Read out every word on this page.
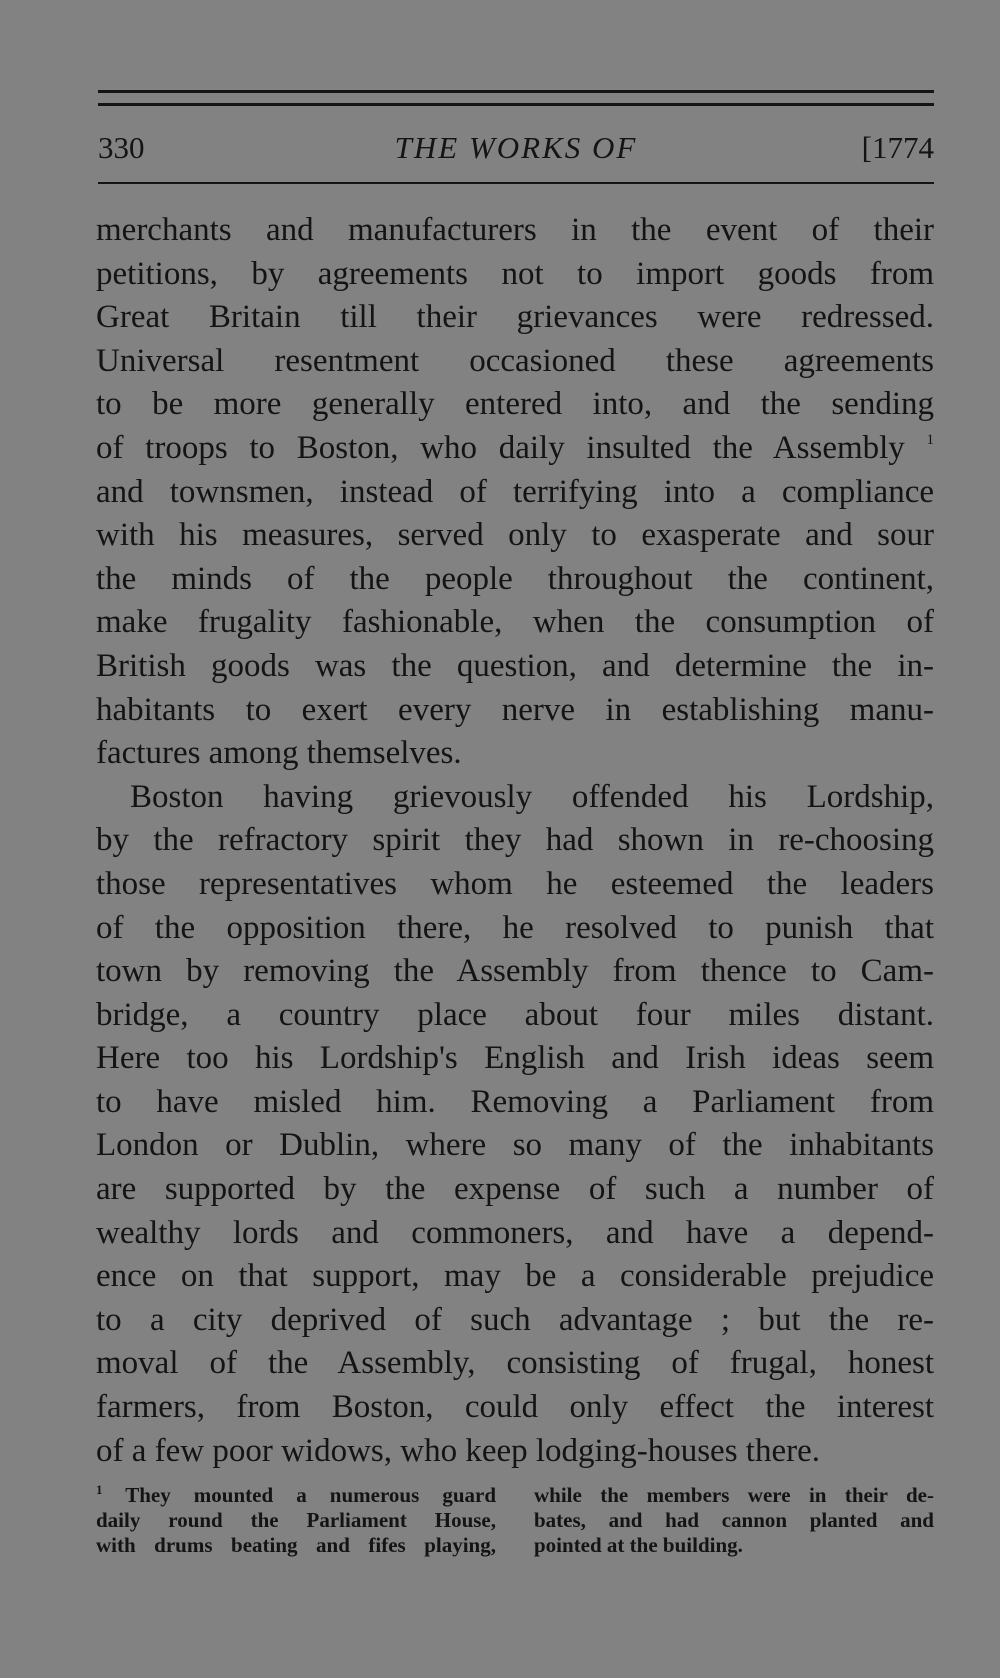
330	THE WORKS OF	[1774
merchants and manufacturers in the event of their
petitions, by agreements not to import goods from
Great Britain till their grievances were redressed.
Universal resentment occasioned these agreements
to be more generally entered into, and the sending
of troops to Boston, who daily insulted the Assembly $^1$
and townsmen, instead of terrifying into a compliance
with his measures, served only to exasperate and sour
the minds of the people throughout the continent,
make frugality fashionable, when the consumption of
British goods was the question, and determine the in-
habitants to exert every nerve in establishing manu-
factures among themselves.
Boston having grievously offended his Lordship,
by the refractory spirit they had shown in re-choosing
those representatives whom he esteemed the leaders
of the opposition there, he resolved to punish that
town by removing the Assembly from thence to Cam-
bridge, a country place about four miles distant.
Here too his Lordship's English and Irish ideas seem
to have misled him. Removing a Parliament from
London or Dublin, where so many of the inhabitants
are supported by the expense of such a number of
wealthy lords and commoners, and have a depend-
ence on that support, may be a considerable prejudice
to a city deprived of such advantage ; but the re-
moval of the Assembly, consisting of frugal, honest
farmers, from Boston, could only effect the interest
of a few poor widows, who keep lodging-houses there.
$^1$ They mounted a numerous guard
daily round the Parliament House,
with drums beating and fifes playing,
while the members were in their de-
bates, and had cannon planted and
pointed at the building.
